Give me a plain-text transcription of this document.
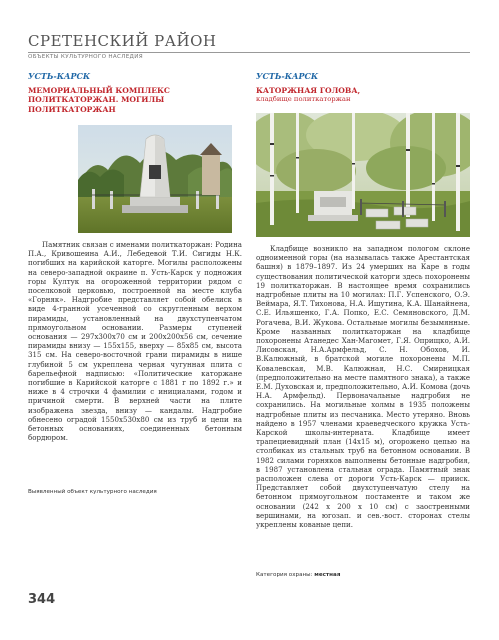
СРЕТЕНСКИЙ РАЙОН
ОБЪЕКТЫ КУЛЬТУРНОГО НАСЛЕДИЯ
УСТЬ-КАРСК
МЕМОРИАЛЬНЫЙ КОМПЛЕКС ПОЛИТКАТОРЖАН. МОГИЛЫ ПОЛИТКАТОРЖАН

Памятник связан с именами политкаторжан: Родина П.А., Кривошеина А.И., Лебедевой Т.И. Сигиды Н.К. погибших на карийской каторге. Могилы расположены на северо-западной окраине п. Усть-Карск у подножия горы Култук на огороженной территории рядом с поселковой церковью, построенной на месте клуба «Горняк». Надгробие представляет собой обелиск в виде 4-гранной усеченной со скругленным верхом пирамиды, установленный на двухступенчатом прямоугольном основании. Размеры ступеней основания — 297х300х70 см и 200х200х56 см, сечение пирамиды внизу — 155х155, вверху — 85х85 см, высота 315 см. На северо-восточной грани пирамиды в нише глубиной 5 см укреплена черная чугунная плита с барельефной надписью: «Политические каторжане погибшие в Карийской каторге с 1881 г по 1892 г.» и ниже в 4 строчки 4 фамилии с инициалами, годом и причиной смерти. В верхней части на плите изображена звезда, внизу — кандалы. Надгробие обнесено оградой 1550х530х80 см из труб и цепи на бетонных основаниях, соединенных бетонным бордюром.

Выявленный объект культурного наследия
УСТЬ-КАРСК
КАТОРЖНАЯ ГОЛОВА,
кладбище политкаторжан

Кладбище возникло на западном пологом склоне одноименной горы (на называлась также Арестантская башня) в 1879–1897. Из 24 умерших на Каре в годы существования политической каторги здесь похоронены 19 политкаторжан. В настоящее время сохранились надгробные плиты на 10 могилах: П.Г. Успенского, О.Э. Веймара, Я.Т. Тихонова, Н.А. Ишутина, К.А. Шанайнена, С.Е. Ильяшенко, Г.А. Попко, Е.С. Семяновского, Д.М. Рогачева, В.И. Жукова. Остальные могилы безымянные. Кроме названных политкаторжан на кладбище похоронены Атанедес Хан-Магомет, Г.Я. Оприщко, А.И. Лисовская, Н.А.Армфельд, С. Н. Обохов, И. В.Калюжный, в братской могиле похоронены М.П. Ковалевская, М.В. Калюжная, Н.С. Смирницкая (предположительно на месте памятного знака), а также Е.М. Духовская и, предположительно, А.И. Комова (дочь Н.А. Армфельд). Первоначальные надгробия не сохранились. На могильные холмы в 1935 положены надгробные плиты из песчаника. Место утеряно. Вновь найдено в 1957 членами краеведческого кружка Усть-Карской школы-интерната. Кладбище имеет трапециевидный план (14х15 м), огорожено цепью на столбиках из стальных труб на бетонном основании. В 1982 силами горняков выполнены бетонные надгробия, в 1987 установлена стальная ограда. Памятный знак расположен слева от дороги Усть-Карск — прииск. Представляет собой двухступенчатую стелу на бетонном прямоугольном постаменте и таком же основании (242 х 200 х 10 см) с заостренными вершинами, на югозап. и сев.-вост. сторонах стелы укреплены кованые цепи.

Категория охраны: местная
344
